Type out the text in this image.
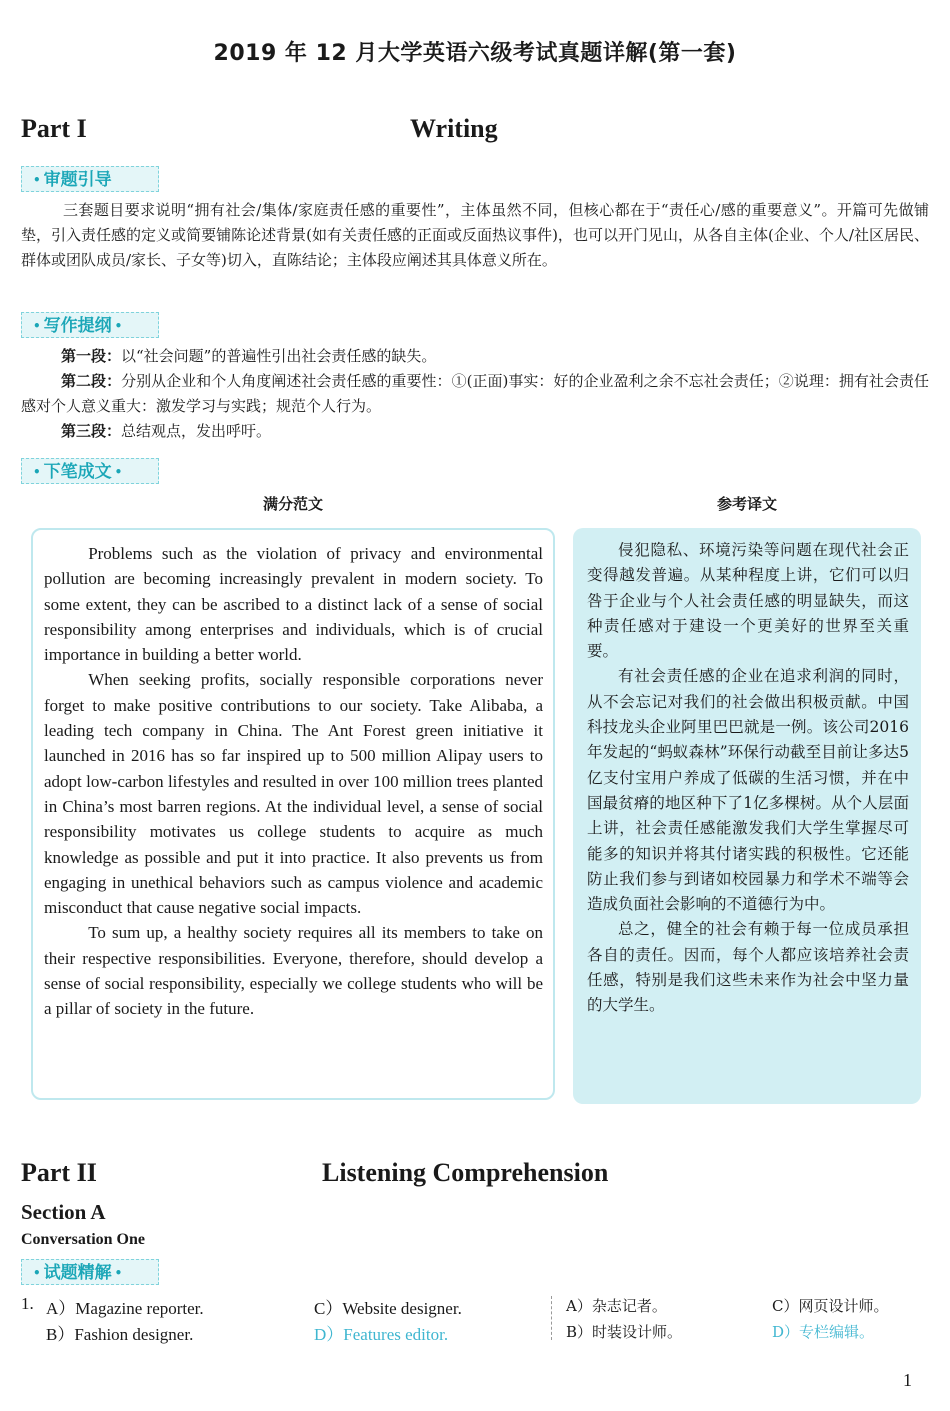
2019 年 12 月大学英语六级考试真题详解(第一套)
Part I	Writing
• 审题引导
三套题目要求说明“拥有社会/集体/家庭责任感的重要性”，主体虽然不同，但核心都在于“责任心/感的重要意义”。开篇可先做铺垫，引入责任感的定义或简要铺陈论述背景(如有关责任感的正面或反面热议事件)，也可以开门见山，从各自主体(企业、个人/社区居民、群体或团队成员/家长、子女等)切入，直陈结论；主体段应阐述其具体意义所在。
• 写作提纲 •

第一段：以“社会问题”的普遍性引出社会责任感的缺失。

第二段：分别从企业和个人角度阐述社会责任感的重要性：①(正面)事实：好的企业盈利之余不忘社会责任；②说理：拥有社会责任感对个人意义重大：激发学习与实践；规范个人行为。

第三段：总结观点，发出呼吁。

• 下笔成文 •
满分范文	参考译文

Problems such as the violation of privacy and environmental pollution are becoming increasingly prevalent in modern society. To some extent, they can be ascribed to a distinct lack of a sense of social responsibility among enterprises and individuals, which is of crucial importance in building a better world.

When seeking profits, socially responsible corporations never forget to make positive contributions to our society. Take Alibaba, a leading tech company in China. The Ant Forest green initiative it launched in 2016 has so far inspired up to 500 million Alipay users to adopt low-carbon lifestyles and resulted in over 100 million trees planted in China’s most barren regions. At the individual level, a sense of social responsibility motivates us college students to acquire as much knowledge as possible and put it into practice. It also prevents us from engaging in unethical behaviors such as campus violence and academic misconduct that cause negative social impacts.

To sum up, a healthy society requires all its members to take on their respective responsibilities. Everyone, therefore, should develop a sense of social responsibility, especially we college students who will be a pillar of society in the future.

侵犯隐私、环境污染等问题在现代社会正变得越发普遍。从某种程度上讲，它们可以归咎于企业与个人社会责任感的明显缺失，而这种责任感对于建设一个更美好的世界至关重要。

有社会责任感的企业在追求利润的同时，从不会忘记对我们的社会做出积极贡献。中国科技龙头企业阿里巴巴就是一例。该公司2016年发起的“蚂蚁森林”环保行动截至目前让多达5亿支付宝用户养成了低碳的生活习惯，并在中国最贫瘠的地区种下了1亿多棵树。从个人层面上讲，社会责任感能激发我们大学生掌握尽可能多的知识并将其付诸实践的积极性。它还能防止我们参与到诸如校园暴力和学术不端等会造成负面社会影响的不道德行为中。

总之，健全的社会有赖于每一位成员承担各自的责任。因而，每个人都应该培养社会责任感，特别是我们这些未来作为社会中坚力量的大学生。

Part II	Listening Comprehension
Section A
Conversation One
• 试题精解 •
1. A）Magazine reporter.
B）Fashion designer.
C）Website designer.
D）Features editor.
A）杂志记者。
B）时装设计师。
C）网页设计师。
D）专栏编辑。
1
